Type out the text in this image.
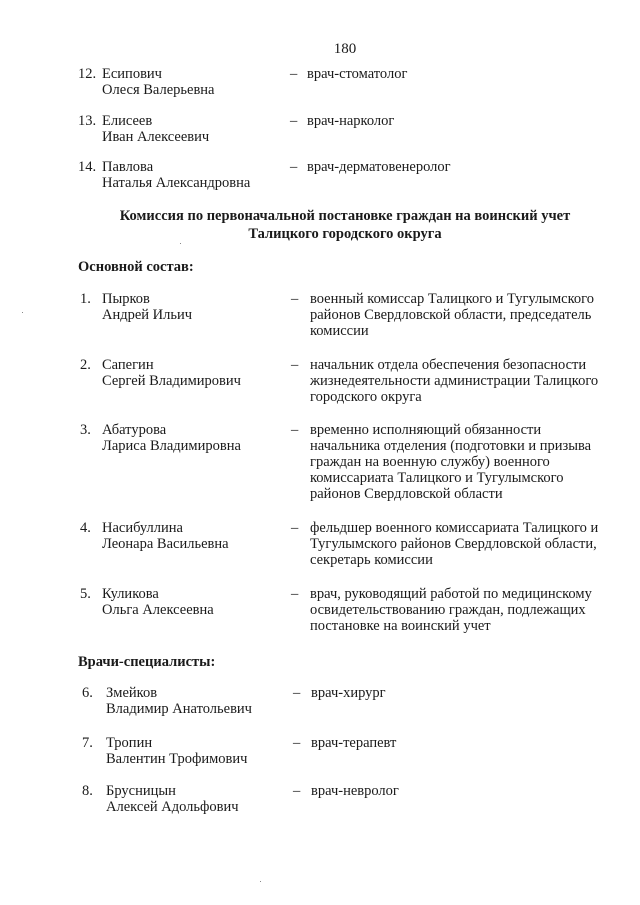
180
12. Есипович
Олеся Валерьевна
– врач-стоматолог
13. Елисеев
Иван Алексеевич
– врач-нарколог
14. Павлова
Наталья Александровна
– врач-дерматовенеролог
Комиссия по первоначальной постановке граждан на воинский учет
Талицкого городского округа
Основной состав:
1. Пырков
Андрей Ильич
– военный комиссар Талицкого и Тугулымского
районов Свердловской области, председатель
комиссии
2. Сапегин
Сергей Владимирович
– начальник отдела обеспечения безопасности
жизнедеятельности администрации Талицкого
городского округа
3. Абатурова
Лариса Владимировна
– временно исполняющий обязанности
начальника отделения (подготовки и призыва
граждан на военную службу) военного
комиссариата Талицкого и Тугулымского
районов Свердловской области
4. Насибуллина
Леонара Васильевна
– фельдшер военного комиссариата Талицкого и
Тугулымского районов Свердловской области,
секретарь комиссии
5. Куликова
Ольга Алексеевна
– врач, руководящий работой по медицинскому
освидетельствованию граждан, подлежащих
постановке на воинский учет
Врачи-специалисты:
6. Змейков
Владимир Анатольевич
– врач-хирург
7. Тропин
Валентин Трофимович
– врач-терапевт
8. Брусницын
Алексей Адольфович
– врач-невролог
